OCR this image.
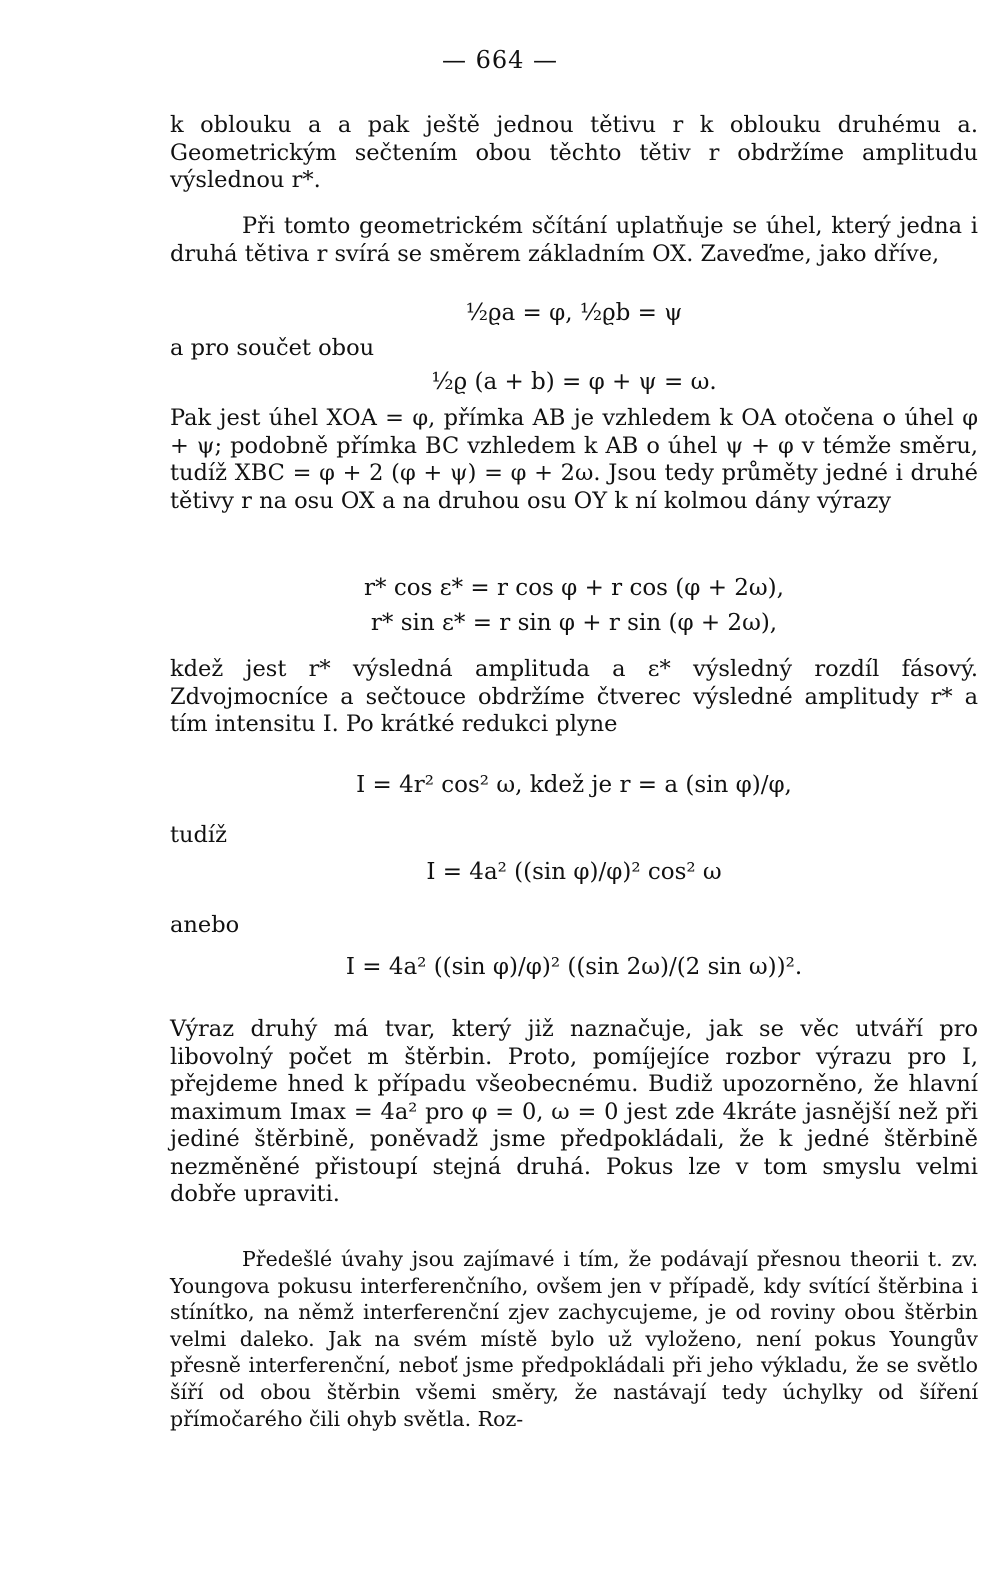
— 664 —

k oblouku a a pak ještě jednou tětivu r k oblouku druhému a. Geometrickým sečtením obou těchto tětiv r obdržíme amplitudu výslednou r*.

Při tomto geometrickém sčítání uplatňuje se úhel, který jedna i druhá tětiva r svírá se směrem základním OX. Zaveďme, jako dříve,

½ϱa = φ, ½ϱb = ψ

a pro součet obou

½ϱ (a + b) = φ + ψ = ω.

Pak jest úhel XOA = φ, přímka AB je vzhledem k OA otočena o úhel φ + ψ; podobně přímka BC vzhledem k AB o úhel ψ + φ v témže směru, tudíž XBC = φ + 2 (φ + ψ) = φ + 2ω. Jsou tedy průměty jedné i druhé tětivy r na osu OX a na druhou osu OY k ní kolmou dány výrazy

r* cos ε* = r cos φ + r cos (φ + 2ω),

r* sin ε* = r sin φ + r sin (φ + 2ω),

kdež jest r* výsledná amplituda a ε* výsledný rozdíl fásový. Zdvojmocníce a sečtouce obdržíme čtverec výsledné amplitudy r* a tím intensitu I. Po krátké redukci plyne

I = 4r² cos² ω, kdež je r = a (sin φ)/φ,

tudíž

I = 4a² ((sin φ)/φ)² cos² ω

anebo

I = 4a² ((sin φ)/φ)² ((sin 2ω)/(2 sin ω))².

Výraz druhý má tvar, který již naznačuje, jak se věc utváří pro libovolný počet m štěrbin. Proto, pomíjejíce rozbor výrazu pro I, přejdeme hned k případu všeobecnému. Budiž upozorněno, že hlavní maximum Imax = 4a² pro φ = 0, ω = 0 jest zde 4kráte jasnější než při jediné štěrbině, poněvadž jsme předpokládali, že k jedné štěrbině nezměněné přistoupí stejná druhá. Pokus lze v tom smyslu velmi dobře upraviti.

Předešlé úvahy jsou zajímavé i tím, že podávají přesnou theorii t. zv. Youngova pokusu interferenčního, ovšem jen v případě, kdy svítící štěrbina i stínítko, na němž interferenční zjev zachycujeme, je od roviny obou štěrbin velmi daleko. Jak na svém místě bylo už vyloženo, není pokus Youngův přesně interferenční, neboť jsme předpokládali při jeho výkladu, že se světlo šíří od obou štěrbin všemi směry, že nastávají tedy úchylky od šíření přímočarého čili ohyb světla. Roz-
